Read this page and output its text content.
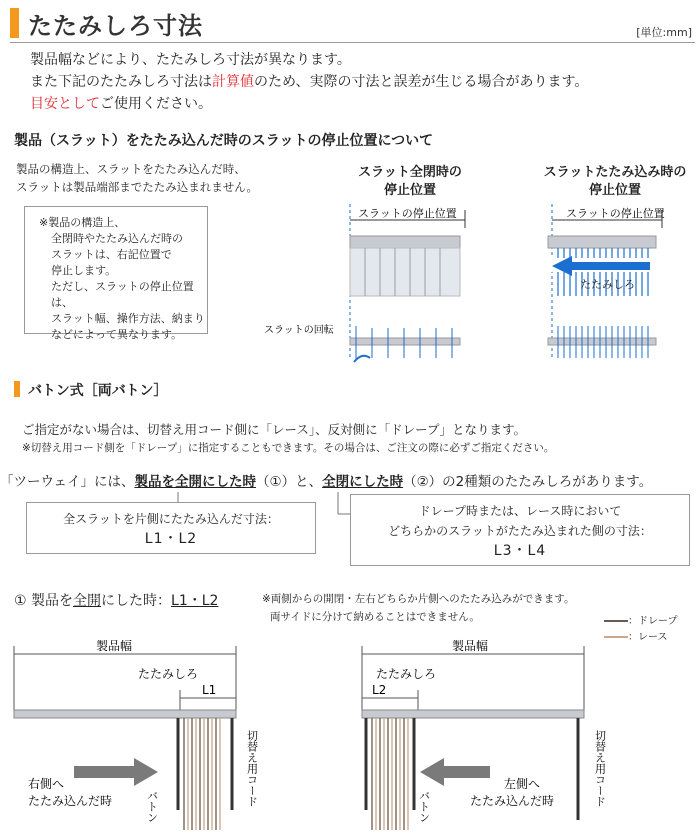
たたみしろ寸法	[単位:mm]
製品幅などにより、たたみしろ寸法が異なります。
また下記のたたみしろ寸法は計算値のため、実際の寸法と誤差が生じる場合があります。
目安としてご使用ください。
製品（スラット）をたたみ込んだ時のスラットの停止位置について
製品の構造上、スラットをたたみ込んだ時、
スラットは製品端部までたたみ込まれません。
※製品の構造上、
全閉時やたたみ込んだ時の
スラットは、右記位置で
停止します。
ただし、スラットの停止位置は、
スラット幅、操作方法、納まり
などによって異なります。
スラット全閉時の
停止位置
スラットたたみ込み時の
停止位置
スラットの停止位置
スラットの回転
スラットの停止位置
たたみしろ
バトン式［両バトン］
ご指定がない場合は、切替え用コード側に「レース」、反対側に「ドレープ」となります。
※切替え用コード側を「ドレープ」に指定することもできます。その場合は、ご注文の際に必ずご指定ください。
「ツーウェイ」には、製品を全開にした時（①）と、全閉にした時（②）の2種類のたたみしろがあります。
全スラットを片側にたたみ込んだ寸法：
L1・L2
ドレープ時または、レース時において
どちらかのスラットがたたみ込まれた側の寸法：
L3・L4
① 製品を全開にした時：L1・L2	※両側からの開閉・左右どちらか片側へのたたみ込みができます。
両サイドに分けて納めることはできません。	：ドレープ
：レース
製品幅
たたみしろ
L1
右側へ
たたみ込んだ時	バトン	切替え用コード
製品幅
たたみしろ
L2
左側へ
たたみ込んだ時
バトン	切替え用コード
